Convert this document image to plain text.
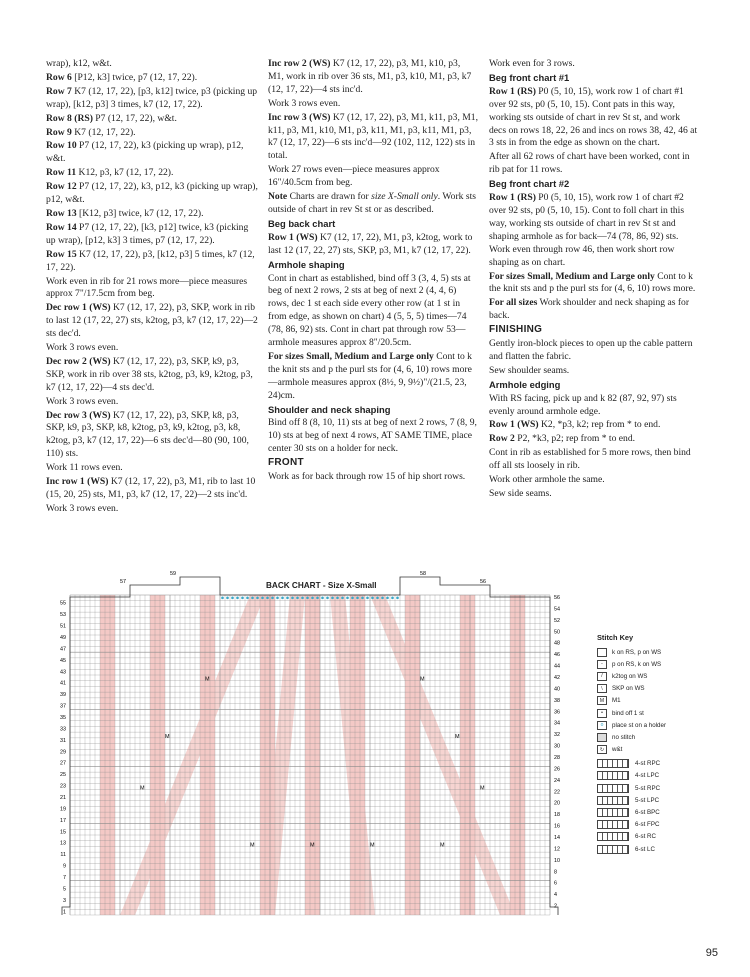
wrap), k12, w&t.

Row 6 [P12, k3] twice, p7 (12, 17, 22).

Row 7 K7 (12, 17, 22), [p3, k12] twice, p3 (picking up wrap), [k12, p3] 3 times, k7 (12, 17, 22).

Row 8 (RS) P7 (12, 17, 22), w&t.

Row 9 K7 (12, 17, 22).

Row 10 P7 (12, 17, 22), k3 (picking up wrap), p12, w&t.

Row 11 K12, p3, k7 (12, 17, 22).

Row 12 P7 (12, 17, 22), k3, p12, k3 (picking up wrap), p12, w&t.

Row 13 [K12, p3] twice, k7 (12, 17, 22).

Row 14 P7 (12, 17, 22), [k3, p12] twice, k3 (picking up wrap), [p12, k3] 3 times, p7 (12, 17, 22).

Row 15 K7 (12, 17, 22), p3, [k12, p3] 5 times, k7 (12, 17, 22).

Work even in rib for 21 rows more—piece measures approx 7"/17.5cm from beg.

Dec row 1 (WS) K7 (12, 17, 22), p3, SKP, work in rib to last 12 (17, 22, 27) sts, k2tog, p3, k7 (12, 17, 22)—2 sts dec'd.

Work 3 rows even.

Dec row 2 (WS) K7 (12, 17, 22), p3, SKP, k9, p3, SKP, work in rib over 38 sts, k2tog, p3, k9, k2tog, p3, k7 (12, 17, 22)—4 sts dec'd.

Work 3 rows even.

Dec row 3 (WS) K7 (12, 17, 22), p3, SKP, k8, p3, SKP, k9, p3, SKP, k8, k2tog, p3, k9, k2tog, p3, k8, k2tog, p3, k7 (12, 17, 22)—6 sts dec'd—80 (90, 100, 110) sts.

Work 11 rows even.

Inc row 1 (WS) K7 (12, 17, 22), p3, M1, rib to last 10 (15, 20, 25) sts, M1, p3, k7 (12, 17, 22)—2 sts inc'd.

Work 3 rows even.

Inc row 2 (WS) K7 (12, 17, 22), p3, M1, k10, p3, M1, work in rib over 36 sts, M1, p3, k10, M1, p3, k7 (12, 17, 22)—4 sts inc'd.

Work 3 rows even.

Inc row 3 (WS) K7 (12, 17, 22), p3, M1, k11, p3, M1, k11, p3, M1, k10, M1, p3, k11, M1, p3, k11, M1, p3, k7 (12, 17, 22)—6 sts inc'd—92 (102, 112, 122) sts in total.

Work 27 rows even—piece measures approx 16"/40.5cm from beg.

Note Charts are drawn for size X-Small only. Work sts outside of chart in rev St st or as described.

Beg back chart

Row 1 (WS) K7 (12, 17, 22), M1, p3, k2tog, work to last 12 (17, 22, 27) sts, SKP, p3, M1, k7 (12, 17, 22).

Armhole shaping

Cont in chart as established, bind off 3 (3, 4, 5) sts at beg of next 2 rows, 2 sts at beg of next 2 (4, 4, 6) rows, dec 1 st each side every other row (at 1 st in from edge, as shown on chart) 4 (5, 5, 5) times—74 (78, 86, 92) sts. Cont in chart pat through row 53—armhole measures approx 8"/20.5cm.

For sizes Small, Medium and Large only Cont to k the knit sts and p the purl sts for (4, 6, 10) rows more—armhole measures approx (8½, 9, 9½)"/(21.5, 23, 24)cm.

Shoulder and neck shaping

Bind off 8 (8, 10, 11) sts at beg of next 2 rows, 7 (8, 9, 10) sts at beg of next 4 rows, AT SAME TIME, place center 30 sts on a holder for neck.

FRONT

Work as for back through row 15 of hip short rows.

Work even for 3 rows.

Beg front chart #1

Row 1 (RS) P0 (5, 10, 15), work row 1 of chart #1 over 92 sts, p0 (5, 10, 15). Cont pats in this way, working sts outside of chart in rev St st, and work decs on rows 18, 22, 26 and incs on rows 38, 42, 46 at 3 sts in from the edge as shown on the chart.

After all 62 rows of chart have been worked, cont in rib pat for 11 rows.

Beg front chart #2

Row 1 (RS) P0 (5, 10, 15), work row 1 of chart #2 over 92 sts, p0 (5, 10, 15). Cont to foll chart in this way, working sts outside of chart in rev St st and shaping armhole as for back—74 (78, 86, 92) sts. Work even through row 46, then work short row shaping as on chart.

For sizes Small, Medium and Large only Cont to k the knit sts and p the purl sts for (4, 6, 10) rows more.

For all sizes Work shoulder and neck shaping as for back.

FINISHING

Gently iron-block pieces to open up the cable pattern and flatten the fabric.

Sew shoulder seams.

Armhole edging

With RS facing, pick up and k 82 (87, 92, 97) sts evenly around armhole edge.

Row 1 (WS) K2, *p3, k2; rep from * to end.

Row 2 P2, *k3, p2; rep from * to end.

Cont in rib as established for 5 more rows, then bind off all sts loosely in rib.

Work other armhole the same.

Sew side seams.

BACK CHART - Size X-Small
M
M
M
M	M	M	M
M
M
M
1
3
5
7
9
11
13
15
17
19
21
23
25
27
29
31
33
35
37
39
41
43
45
47
49
51
53
55
2
4
6
8
10
12
14
16
18
20
22
24
26
28
30
32
34
36
38
40
42
44
46
48
50
52
54
56
57
59	58
56
Stitch Key
k on RS, p on WS
-	p on RS, k on WS
/	k2tog on WS
\	SKP on WS
M	M1
•	bind off 1 st
o	place st on a holder
no stitch
↻	w&t
4-st RPC
4-st LPC
5-st RPC
5-st LPC
6-st BPC
6-st FPC
6-st RC
6-st LC
95
